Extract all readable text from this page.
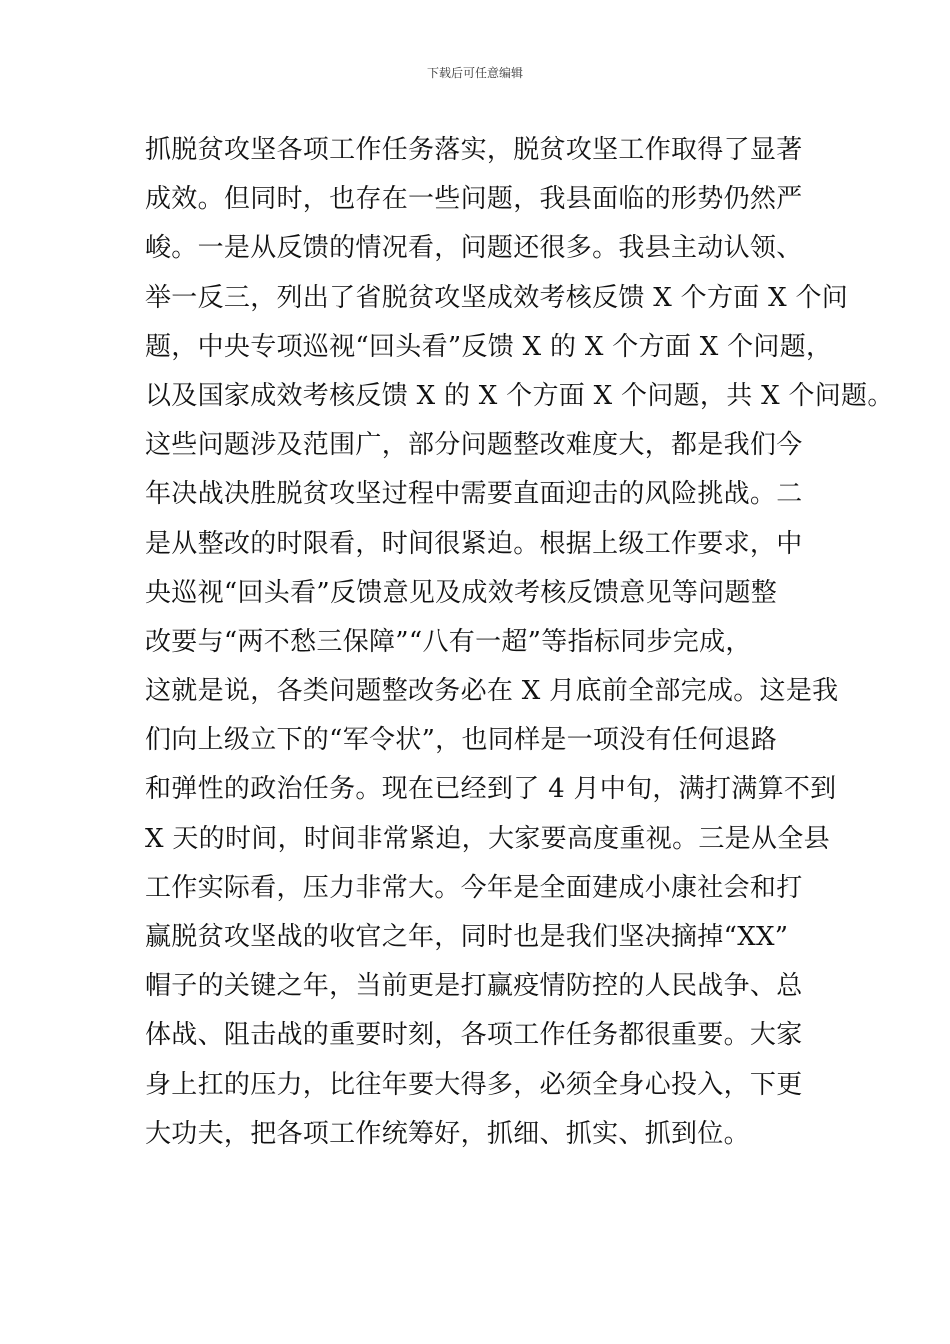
下载后可任意编辑
抓脱贫攻坚各项工作任务落实，脱贫攻坚工作取得了显著
成效。但同时，也存在一些问题，我县面临的形势仍然严
峻。一是从反馈的情况看，问题还很多。我县主动认领、
举一反三，列出了省脱贫攻坚成效考核反馈 X 个方面 X 个问
题，中央专项巡视“回头看”反馈 X 的 X 个方面 X 个问题，
以及国家成效考核反馈 X 的 X 个方面 X 个问题，共 X 个问题。
这些问题涉及范围广，部分问题整改难度大，都是我们今
年决战决胜脱贫攻坚过程中需要直面迎击的风险挑战。二
是从整改的时限看，时间很紧迫。根据上级工作要求，中
央巡视“回头看”反馈意见及成效考核反馈意见等问题整
改要与“两不愁三保障”“八有一超”等指标同步完成，
这就是说，各类问题整改务必在 X 月底前全部完成。这是我
们向上级立下的“军令状”，也同样是一项没有任何退路
和弹性的政治任务。现在已经到了 4 月中旬，满打满算不到
X 天的时间，时间非常紧迫，大家要高度重视。三是从全县
工作实际看，压力非常大。今年是全面建成小康社会和打
赢脱贫攻坚战的收官之年，同时也是我们坚决摘掉“XX”
帽子的关键之年，当前更是打赢疫情防控的人民战争、总
体战、阻击战的重要时刻，各项工作任务都很重要。大家
身上扛的压力，比往年要大得多，必须全身心投入，下更
大功夫，把各项工作统筹好，抓细、抓实、抓到位。
